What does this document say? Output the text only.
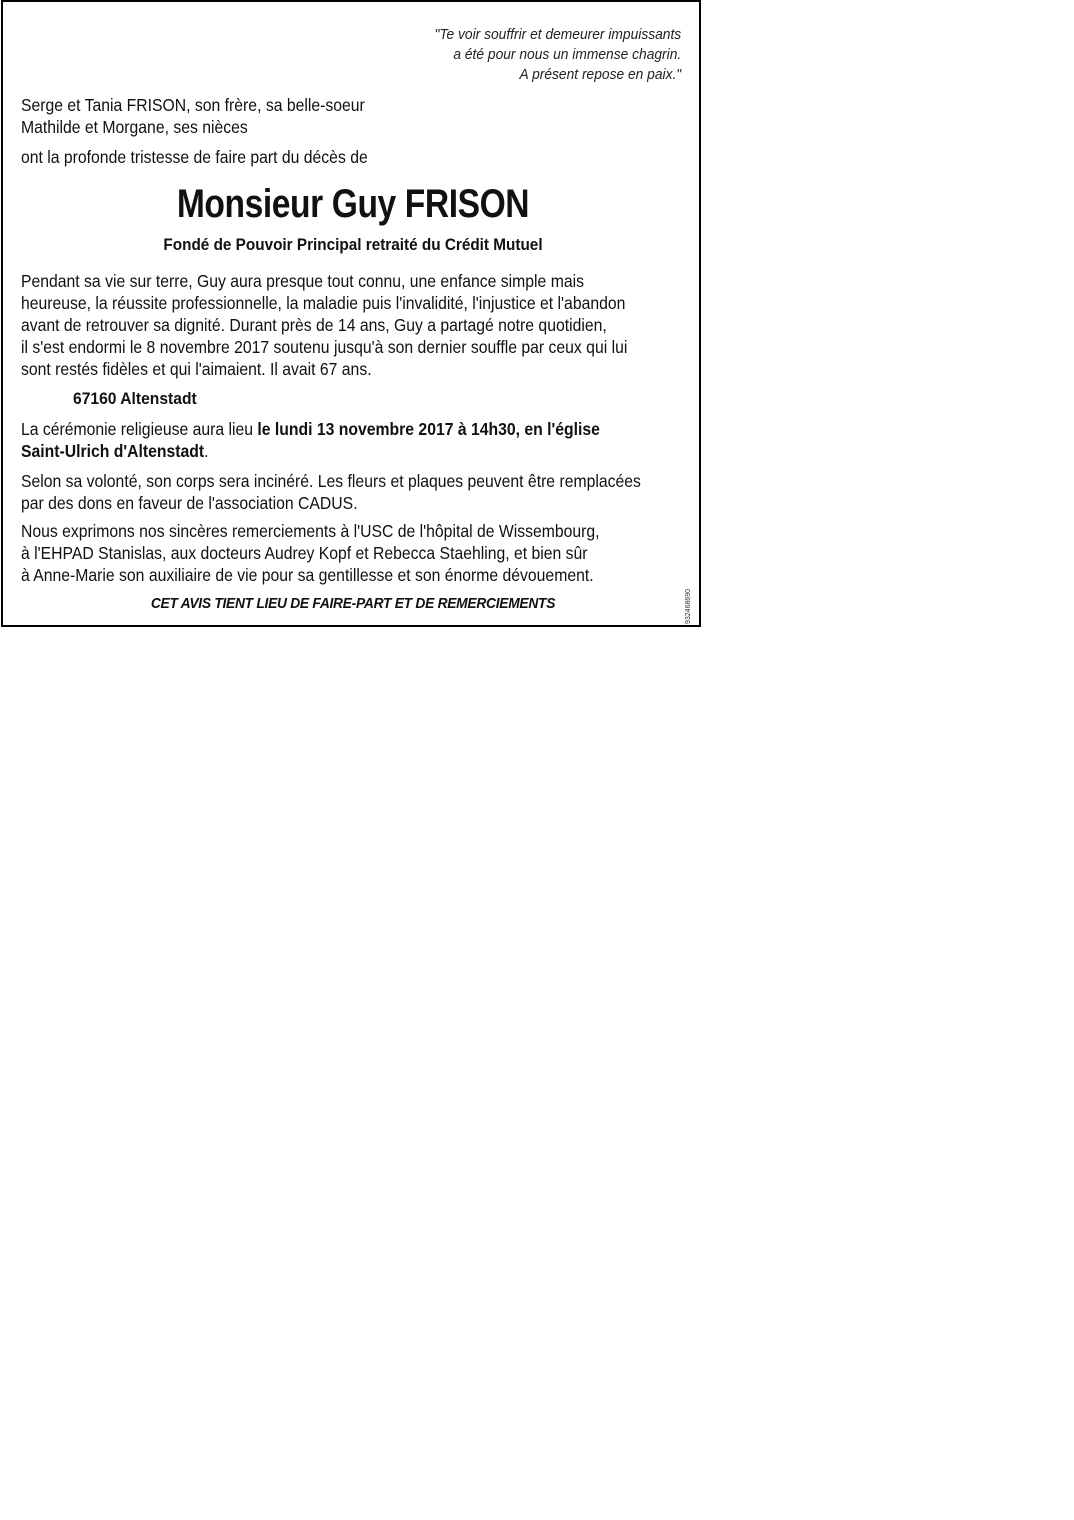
"Te voir souffrir et demeurer impuissants
a été pour nous un immense chagrin.
A présent repose en paix."
Serge et Tania FRISON, son frère, sa belle-soeur
Mathilde et Morgane, ses nièces
ont la profonde tristesse de faire part du décès de
Monsieur Guy FRISON
Fondé de Pouvoir Principal retraité du Crédit Mutuel
Pendant sa vie sur terre, Guy aura presque tout connu, une enfance simple mais
heureuse, la réussite professionnelle, la maladie puis l'invalidité, l'injustice et l'abandon
avant de retrouver sa dignité. Durant près de 14 ans, Guy a partagé notre quotidien,
il s'est endormi le 8 novembre 2017 soutenu jusqu'à son dernier souffle par ceux qui lui
sont restés fidèles et qui l'aimaient. Il avait 67 ans.
67160 Altenstadt
La cérémonie religieuse aura lieu le lundi 13 novembre 2017 à 14h30, en l'église
Saint-Ulrich d'Altenstadt.
Selon sa volonté, son corps sera incinéré. Les fleurs et plaques peuvent être remplacées
par des dons en faveur de l'association CADUS.
Nous exprimons nos sincères remerciements à l'USC de l'hôpital de Wissembourg,
à l'EHPAD Stanislas, aux docteurs Audrey Kopf et Rebecca Staehling, et bien sûr
à Anne-Marie son auxiliaire de vie pour sa gentillesse et son énorme dévouement.
CET AVIS TIENT LIEU DE FAIRE-PART ET DE REMERCIEMENTS	932468690
